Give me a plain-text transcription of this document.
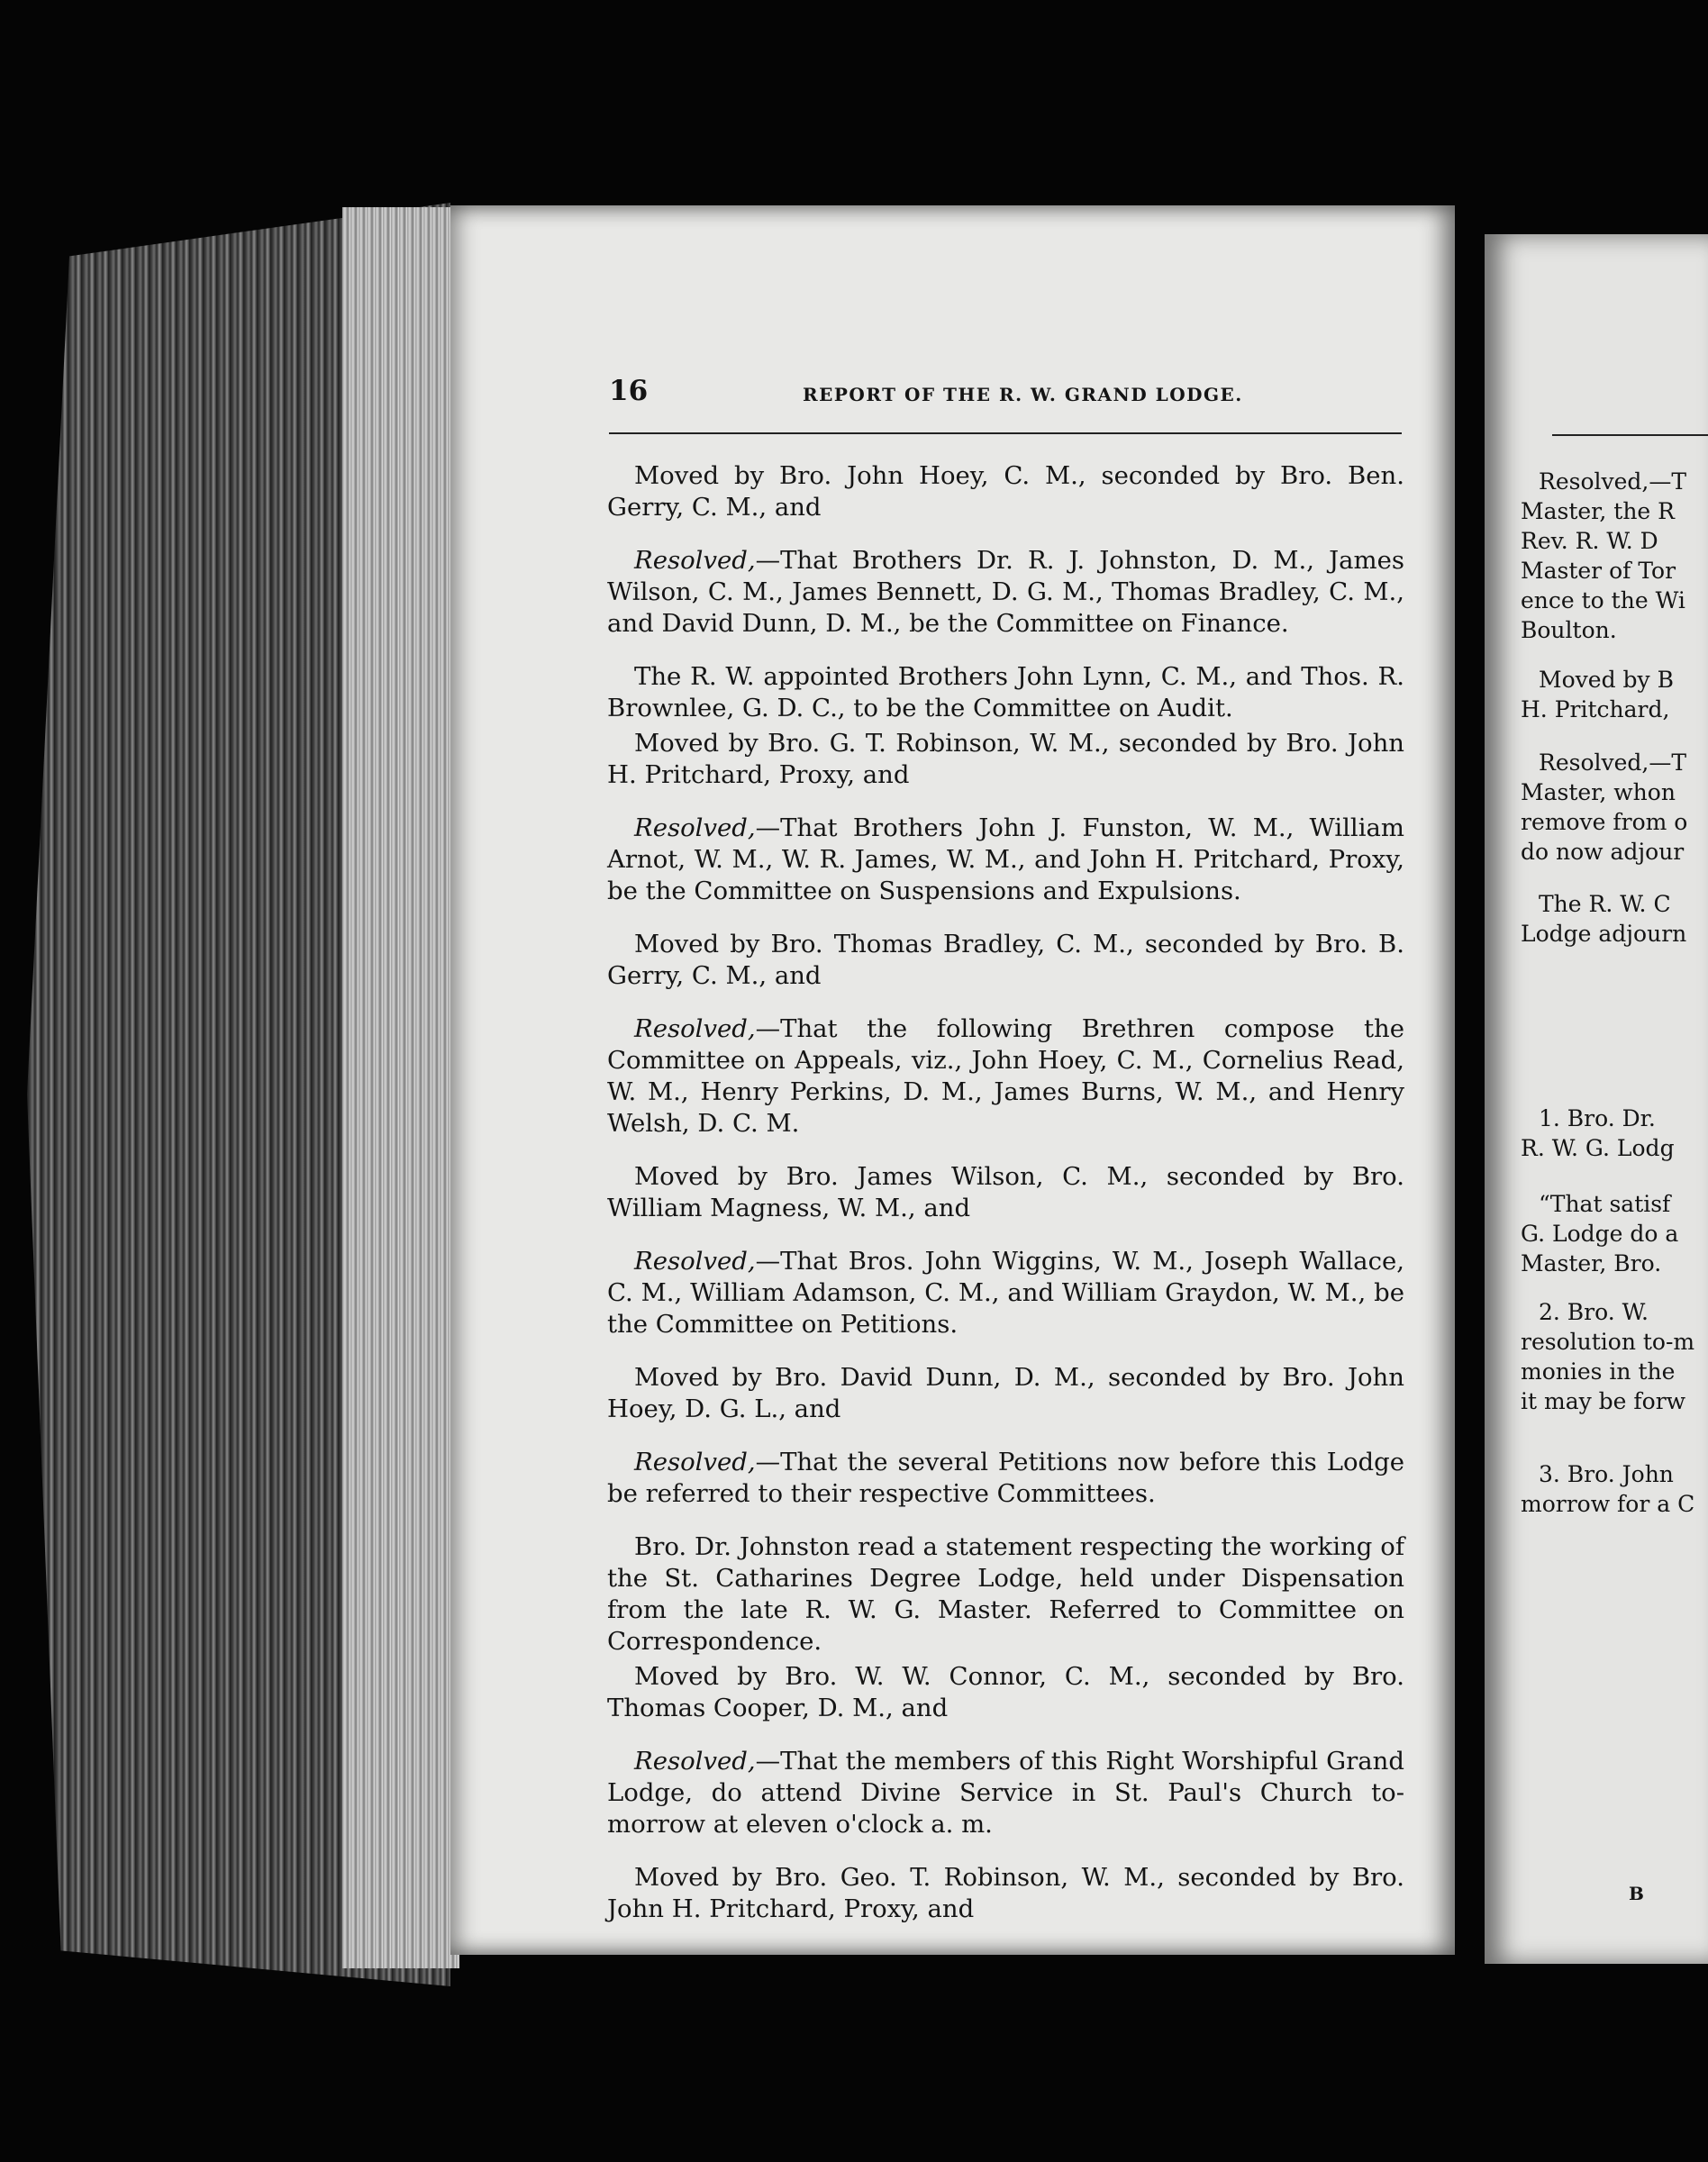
16	REPORT OF THE R. W. GRAND LODGE.

Moved by Bro. John Hoey, C. M., seconded by Bro. Ben. Gerry, C. M., and

Resolved,—That Brothers Dr. R. J. Johnston, D. M., James Wilson, C. M., James Bennett, D. G. M., Thomas Bradley, C. M., and David Dunn, D. M., be the Committee on Finance.

The R. W. appointed Brothers John Lynn, C. M., and Thos. R. Brownlee, G. D. C., to be the Committee on Audit.

Moved by Bro. G. T. Robinson, W. M., seconded by Bro. John H. Pritchard, Proxy, and

Resolved,—That Brothers John J. Funston, W. M., William Arnot, W. M., W. R. James, W. M., and John H. Pritchard, Proxy, be the Committee on Suspensions and Expulsions.

Moved by Bro. Thomas Bradley, C. M., seconded by Bro. B. Gerry, C. M., and

Resolved,—That the following Brethren compose the Committee on Appeals, viz., John Hoey, C. M., Cornelius Read, W. M., Henry Perkins, D. M., James Burns, W. M., and Henry Welsh, D. C. M.

Moved by Bro. James Wilson, C. M., seconded by Bro. William Magness, W. M., and

Resolved,—That Bros. John Wiggins, W. M., Joseph Wallace, C. M., William Adamson, C. M., and William Graydon, W. M., be the Committee on Petitions.

Moved by Bro. David Dunn, D. M., seconded by Bro. John Hoey, D. G. L., and

Resolved,—That the several Petitions now before this Lodge be referred to their respective Committees.

Bro. Dr. Johnston read a statement respecting the working of the St. Catharines Degree Lodge, held under Dispensation from the late R. W. G. Master. Referred to Committee on Correspondence.

Moved by Bro. W. W. Connor, C. M., seconded by Bro. Thomas Cooper, D. M., and

Resolved,—That the members of this Right Worshipful Grand Lodge, do attend Divine Service in St. Paul's Church to-morrow at eleven o'clock a. m.

Moved by Bro. Geo. T. Robinson, W. M., seconded by Bro. John H. Pritchard, Proxy, and

Resolved,—T

Master, the R

Rev. R. W. D

Master of Tor

ence to the Wi

Boulton.

Moved by B

H. Pritchard,

Resolved,—T

Master, whon

remove from o

do now adjour

The R. W. C

Lodge adjourn

1. Bro. Dr.

R. W. G. Lodg

“That satisf

G. Lodge do a

Master, Bro.

2. Bro. W.

resolution to-m

monies in the

it may be forw

3. Bro. John

morrow for a C

B
